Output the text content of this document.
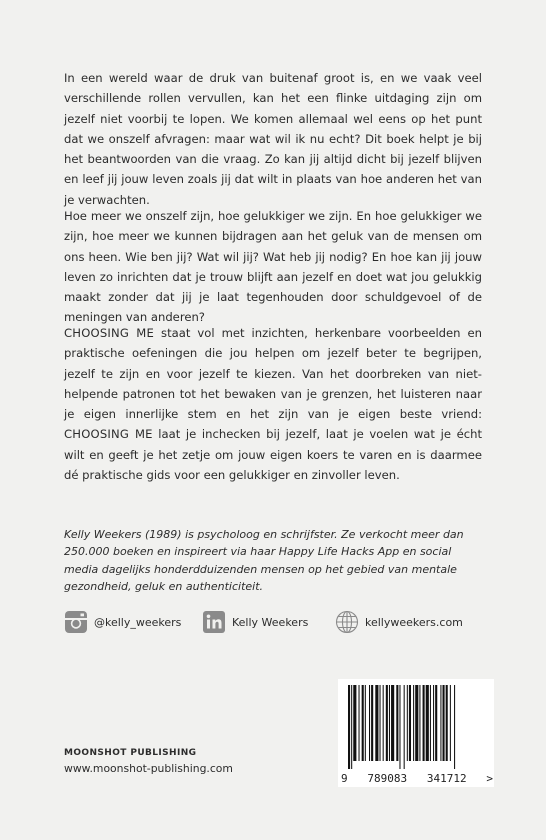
In een wereld waar de druk van buitenaf groot is, en we vaak veel verschillende rollen vervullen, kan het een flinke uitdaging zijn om jezelf niet voorbij te lopen. We komen allemaal wel eens op het punt dat we onszelf afvragen: maar wat wil ik nu echt? Dit boek helpt je bij het beantwoorden van die vraag. Zo kan jij altijd dicht bij jezelf blijven en leef jij jouw leven zoals jij dat wilt in plaats van hoe anderen het van je verwachten.

Hoe meer we onszelf zijn, hoe gelukkiger we zijn. En hoe gelukkiger we zijn, hoe meer we kunnen bijdragen aan het geluk van de mensen om ons heen. Wie ben jij? Wat wil jij? Wat heb jij nodig? En hoe kan jij jouw leven zo inrichten dat je trouw blijft aan jezelf en doet wat jou gelukkig maakt zonder dat jij je laat tegenhouden door schuldgevoel of de meningen van anderen?

CHOOSING ME staat vol met inzichten, herkenbare voorbeelden en praktische oefeningen die jou helpen om jezelf beter te begrijpen, jezelf te zijn en voor jezelf te kiezen. Van het doorbreken van niet-helpende patronen tot het bewaken van je grenzen, het luisteren naar je eigen innerlijke stem en het zijn van je eigen beste vriend: CHOOSING ME laat je inchecken bij jezelf, laat je voelen wat je écht wilt en geeft je het zetje om jouw eigen koers te varen en is daarmee dé praktische gids voor een gelukkiger en zinvoller leven.

Kelly Weekers (1989) is psycholoog en schrijfster. Ze verkocht meer dan 250.000 boeken en inspireert via haar Happy Life Hacks App en social media dagelijks honderdduizenden mensen op het gebied van mentale gezondheid, geluk en authenticiteit.

@kelly_weekers	Kelly Weekers	kellyweekers.com
MOONSHOT PUBLISHING
www.moonshot-publishing.com
9 789083 341712 >
